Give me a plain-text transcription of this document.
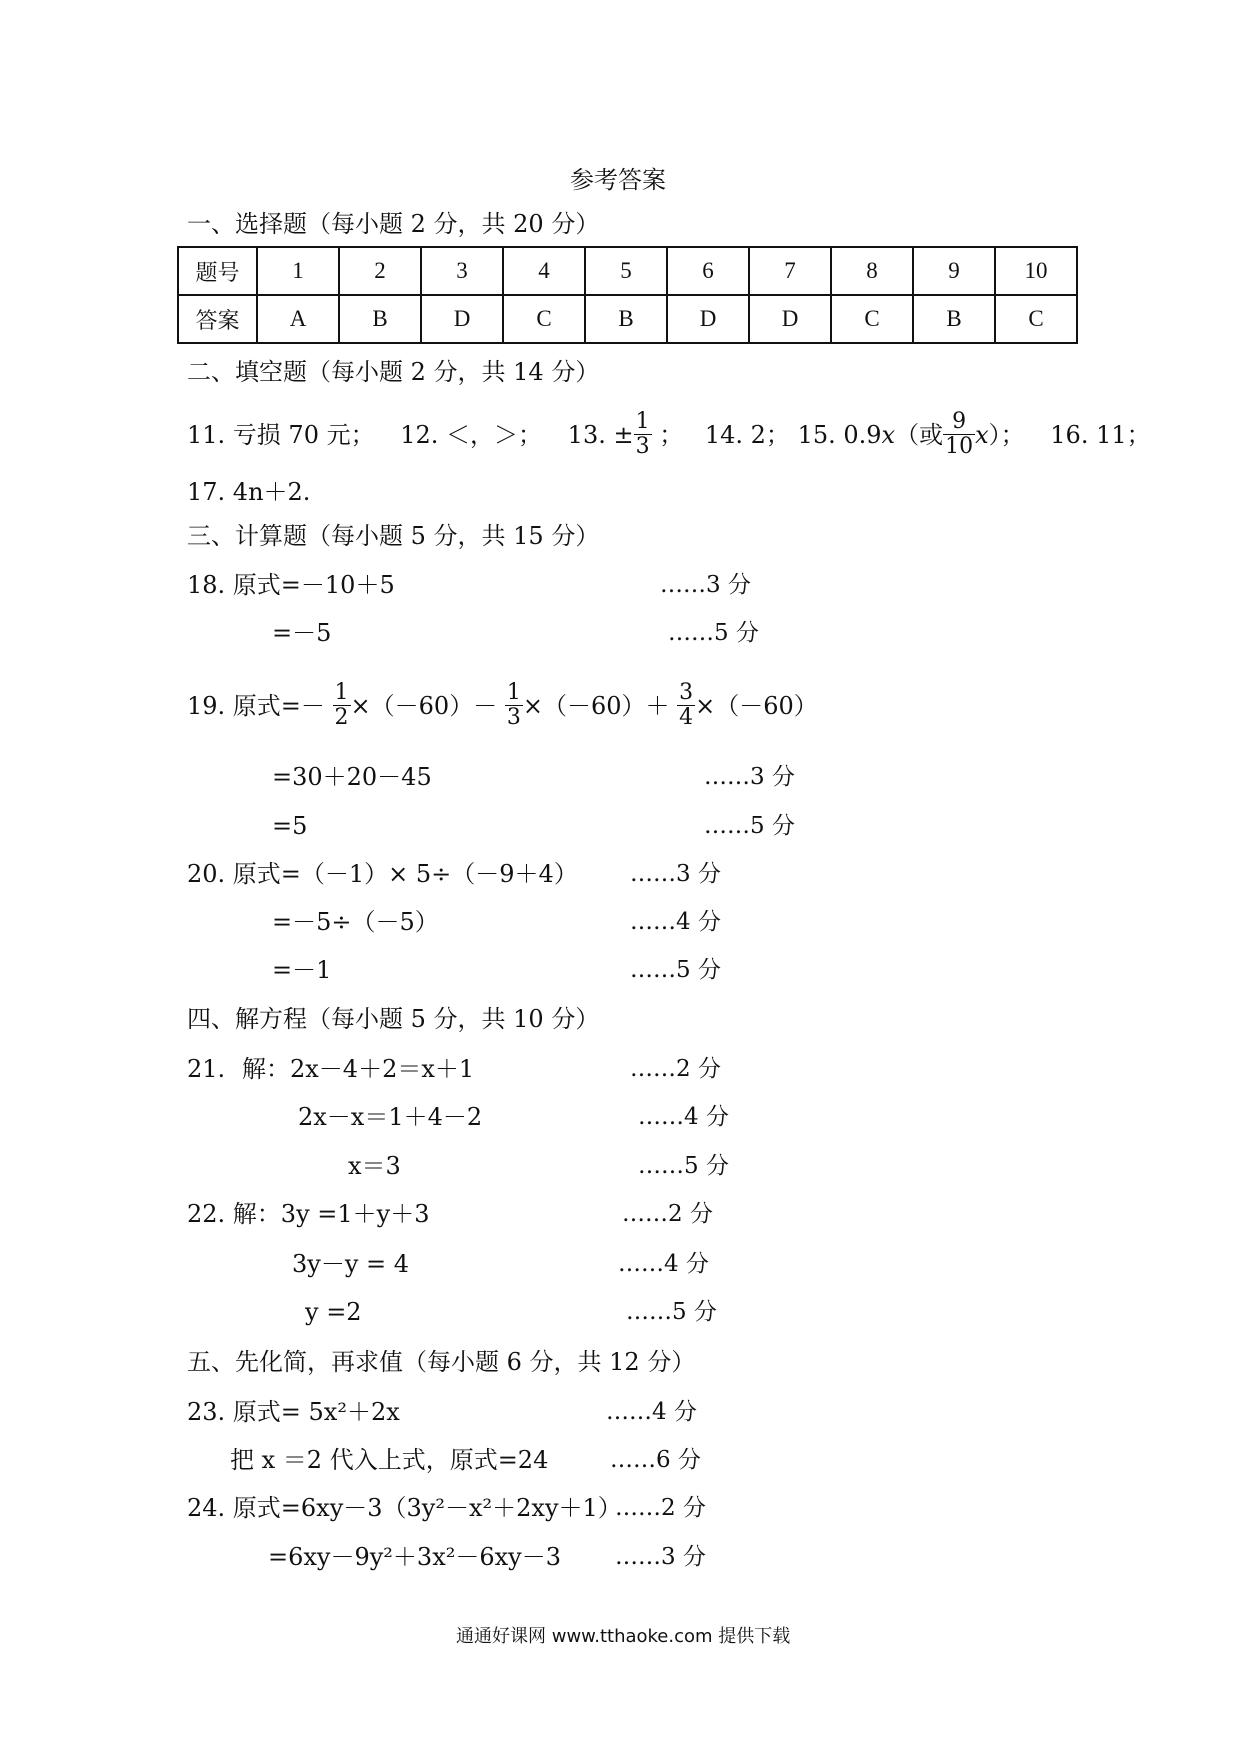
参考答案
一、选择题（每小题 2 分，共 20 分）
题号	1	2	3	4	5	6	7	8	9	10
答案	A	B	D	C	B	D	D	C	B	C
二、填空题（每小题 2 分，共 14 分）
11. 亏损 70 元； 12. ＜，＞； 13. ± $\frac{1}{3}$ ； 14. 2； 15. 0.9x（或 $\frac{9}{10} x$）； 16. 11；
17. 4n＋2.
三、计算题（每小题 5 分，共 15 分）
18. 原式=－10＋5	……3 分
=－5	……5 分
19. 原式=－ $\frac{1}{2} \times(-60)- \frac{1}{3} \times(-60)+ \frac{3}{4} \times(-60)$
=30＋20－45	……3 分
=5	……5 分
20. 原式=（－1）× 5÷（－9＋4） ……3 分
=－5÷（－5）	……4 分
=－1	……5 分
四、解方程（每小题 5 分，共 10 分）
21. 解：2x－4＋2＝x＋1	……2 分
2x－x＝1＋4－2	……4 分
x＝3	……5 分
22. 解：3y =1＋y＋3	……2 分
3y－y = 4	……4 分
y =2	……5 分
五、先化简，再求值（每小题 6 分，共 12 分）
23. 原式= 5x²＋2x	……4 分
把 x ＝2 代入上式，原式=24	……6 分
24. 原式=6xy－3（3y²－x²＋2xy＋1）
……2 分
=6xy－9y²＋3x²－6xy－3 ……3 分
通通好课网 www.tthaoke.com 提供下载
